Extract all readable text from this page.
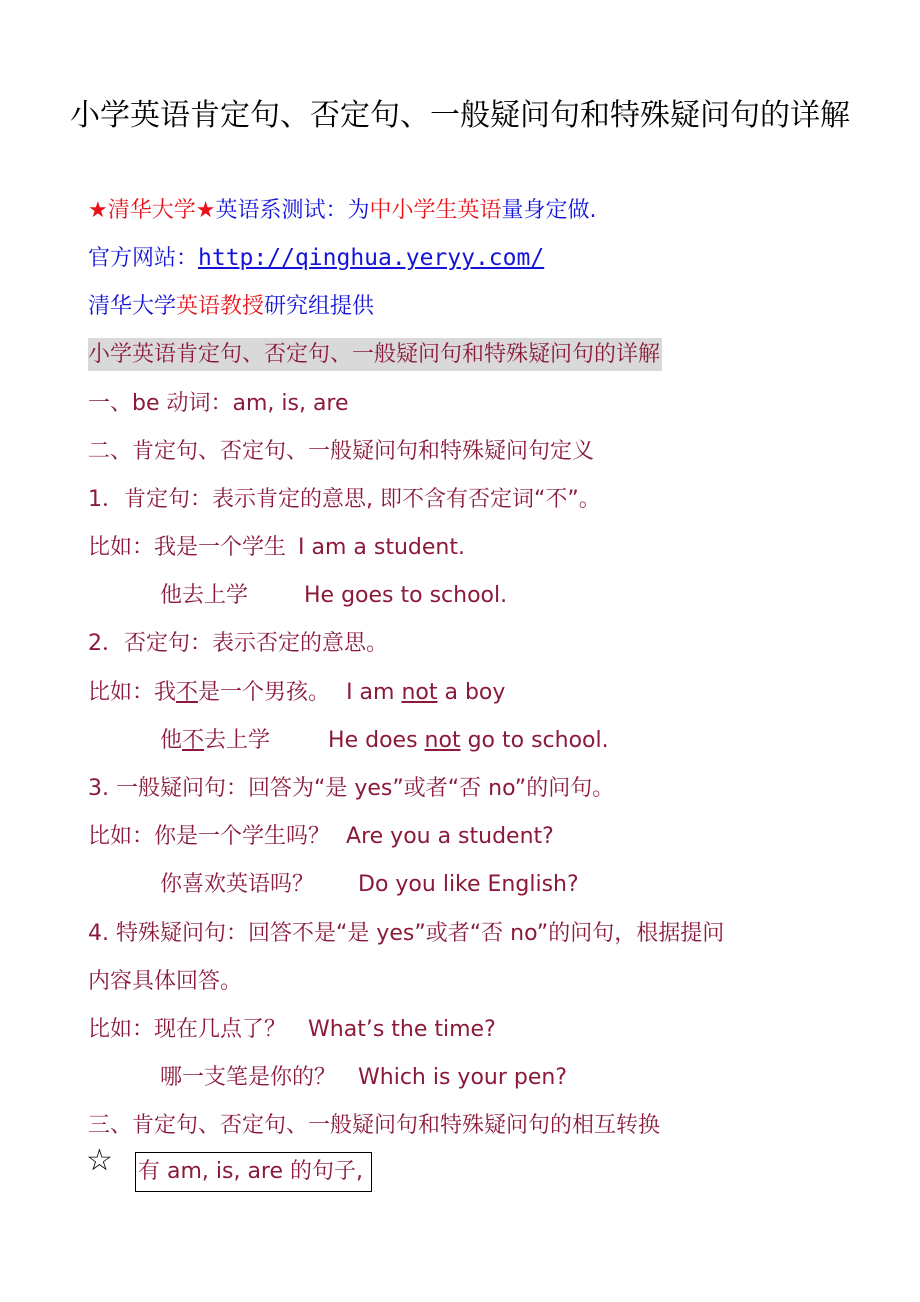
小学英语肯定句、否定句、一般疑问句和特殊疑问句的详解
★清华大学★英语系测试：为中小学生英语量身定做.
官方网站：http://qinghua.yeryy.com/
清华大学英语教授研究组提供
小学英语肯定句、否定句、一般疑问句和特殊疑问句的详解
一、be 动词：am, is, are
二、肯定句、否定句、一般疑问句和特殊疑问句定义
1．肯定句：表示肯定的意思, 即不含有否定词“不”。
比如：我是一个学生 I am a student.
他去上学	He goes to school.
2．否定句：表示否定的意思。
比如：我不是一个男孩。 I am not a boy
他不去上学	He does not go to school.
3. 一般疑问句：回答为“是 yes”或者“否 no”的问句。
比如：你是一个学生吗？ Are you a student?
你喜欢英语吗？ Do you like English?
4. 特殊疑问句：回答不是“是 yes”或者“否 no”的问句，根据提问
内容具体回答。
比如：现在几点了？ What’s the time?
哪一支笔是你的？ Which is your pen?
三、肯定句、否定句、一般疑问句和特殊疑问句的相互转换
☆ 有 am, is, are 的句子,
